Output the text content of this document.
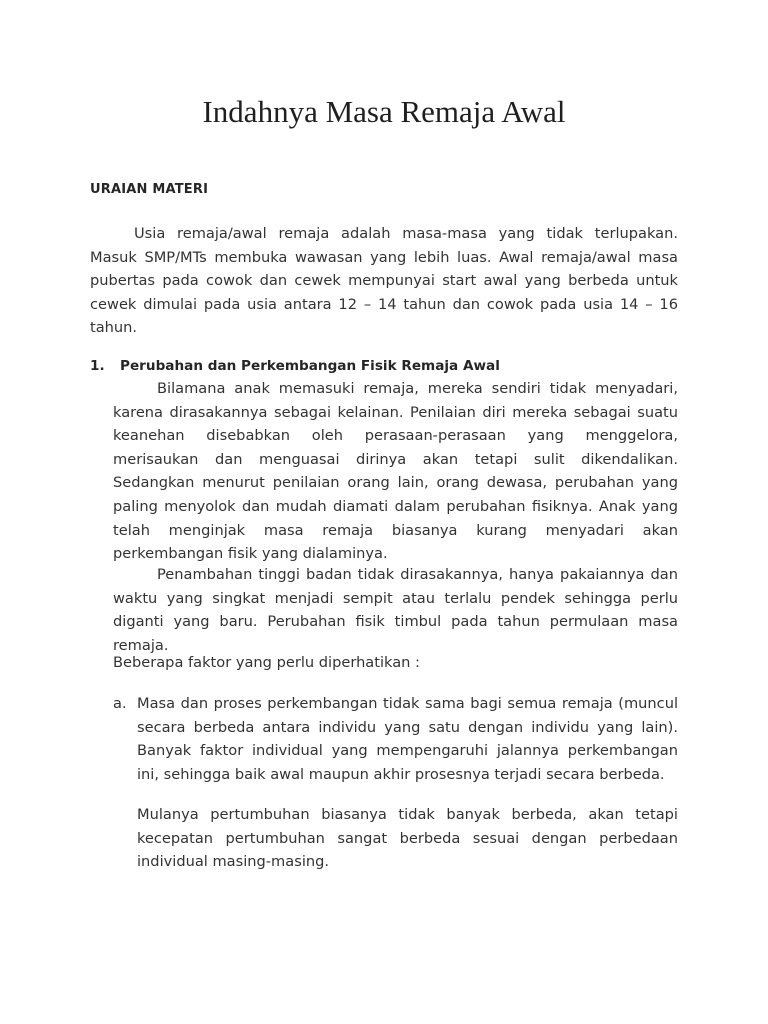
Indahnya Masa Remaja Awal
URAIAN MATERI

Usia remaja/awal remaja adalah masa-masa yang tidak terlupakan. Masuk SMP/MTs membuka wawasan yang lebih luas. Awal remaja/awal masa pubertas pada cowok dan cewek mempunyai start awal yang berbeda untuk cewek dimulai pada usia antara 12 – 14 tahun dan cowok pada usia 14 – 16 tahun.

1. Perubahan dan Perkembangan Fisik Remaja Awal

Bilamana anak memasuki remaja, mereka sendiri tidak menyadari, karena dirasakannya sebagai kelainan. Penilaian diri mereka sebagai suatu keanehan disebabkan oleh perasaan-perasaan yang menggelora, merisaukan dan menguasai dirinya akan tetapi sulit dikendalikan. Sedangkan menurut penilaian orang lain, orang dewasa, perubahan yang paling menyolok dan mudah diamati dalam perubahan fisiknya. Anak yang telah menginjak masa remaja biasanya kurang menyadari akan perkembangan fisik yang dialaminya.

Penambahan tinggi badan tidak dirasakannya, hanya pakaiannya dan waktu yang singkat menjadi sempit atau terlalu pendek sehingga perlu diganti yang baru. Perubahan fisik timbul pada tahun permulaan masa remaja.

Beberapa faktor yang perlu diperhatikan :

a. Masa dan proses perkembangan tidak sama bagi semua remaja (muncul secara berbeda antara individu yang satu dengan individu yang lain). Banyak faktor individual yang mempengaruhi jalannya perkembangan ini, sehingga baik awal maupun akhir prosesnya terjadi secara berbeda.

Mulanya pertumbuhan biasanya tidak banyak berbeda, akan tetapi kecepatan pertumbuhan sangat berbeda sesuai dengan perbedaan individual masing-masing.
